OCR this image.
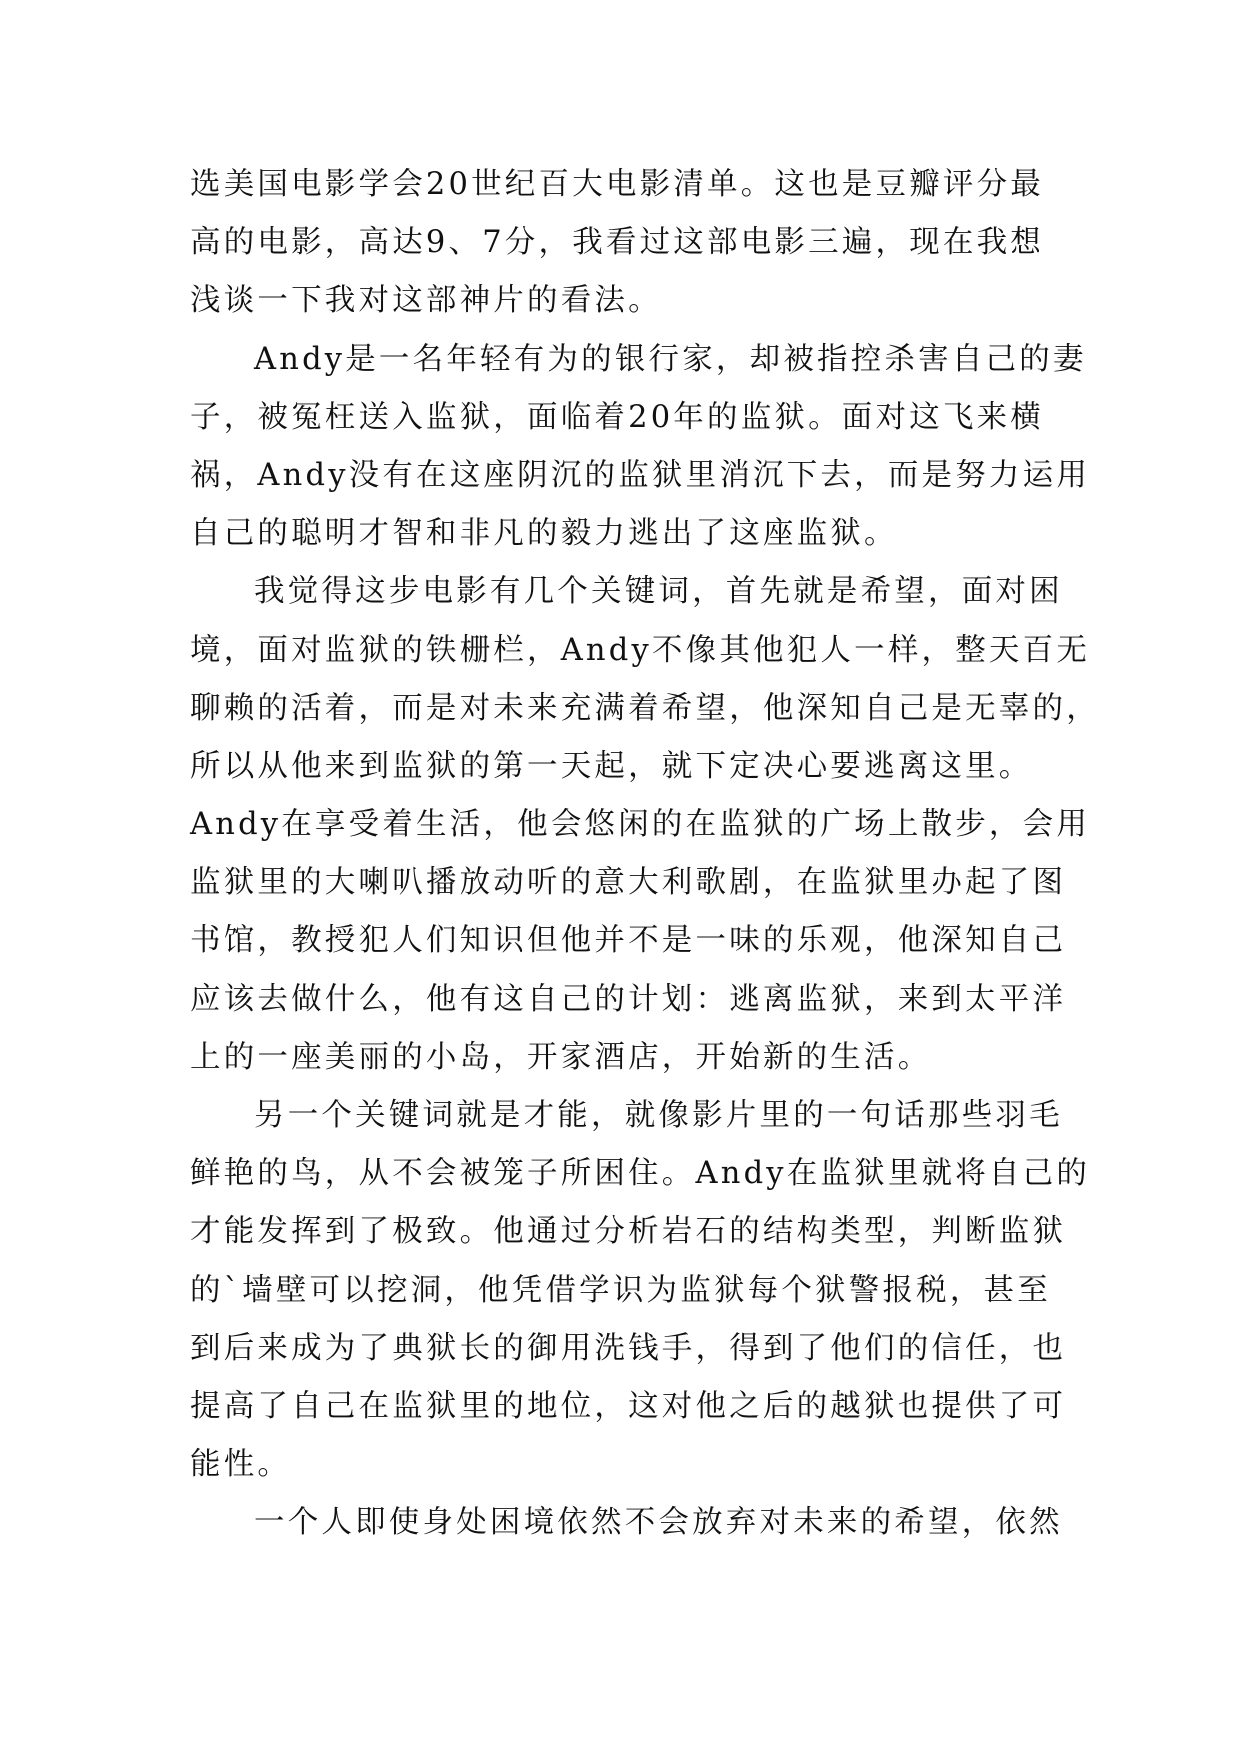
选美国电影学会20世纪百大电影清单。这也是豆瓣评分最
高的电影，高达9、7分，我看过这部电影三遍，现在我想
浅谈一下我对这部神片的看法。
Andy是一名年轻有为的银行家，却被指控杀害自己的妻
子，被冤枉送入监狱，面临着20年的监狱。面对这飞来横
祸，Andy没有在这座阴沉的监狱里消沉下去，而是努力运用
自己的聪明才智和非凡的毅力逃出了这座监狱。
我觉得这步电影有几个关键词，首先就是希望，面对困
境，面对监狱的铁栅栏，Andy不像其他犯人一样，整天百无
聊赖的活着，而是对未来充满着希望，他深知自己是无辜的，
所以从他来到监狱的第一天起，就下定决心要逃离这里。
Andy在享受着生活，他会悠闲的在监狱的广场上散步，会用
监狱里的大喇叭播放动听的意大利歌剧，在监狱里办起了图
书馆，教授犯人们知识但他并不是一味的乐观，他深知自己
应该去做什么，他有这自己的计划：逃离监狱，来到太平洋
上的一座美丽的小岛，开家酒店，开始新的生活。
另一个关键词就是才能，就像影片里的一句话那些羽毛
鲜艳的鸟，从不会被笼子所困住。Andy在监狱里就将自己的
才能发挥到了极致。他通过分析岩石的结构类型，判断监狱
的`墙壁可以挖洞，他凭借学识为监狱每个狱警报税，甚至
到后来成为了典狱长的御用洗钱手，得到了他们的信任，也
提高了自己在监狱里的地位，这对他之后的越狱也提供了可
能性。
一个人即使身处困境依然不会放弃对未来的希望，依然
